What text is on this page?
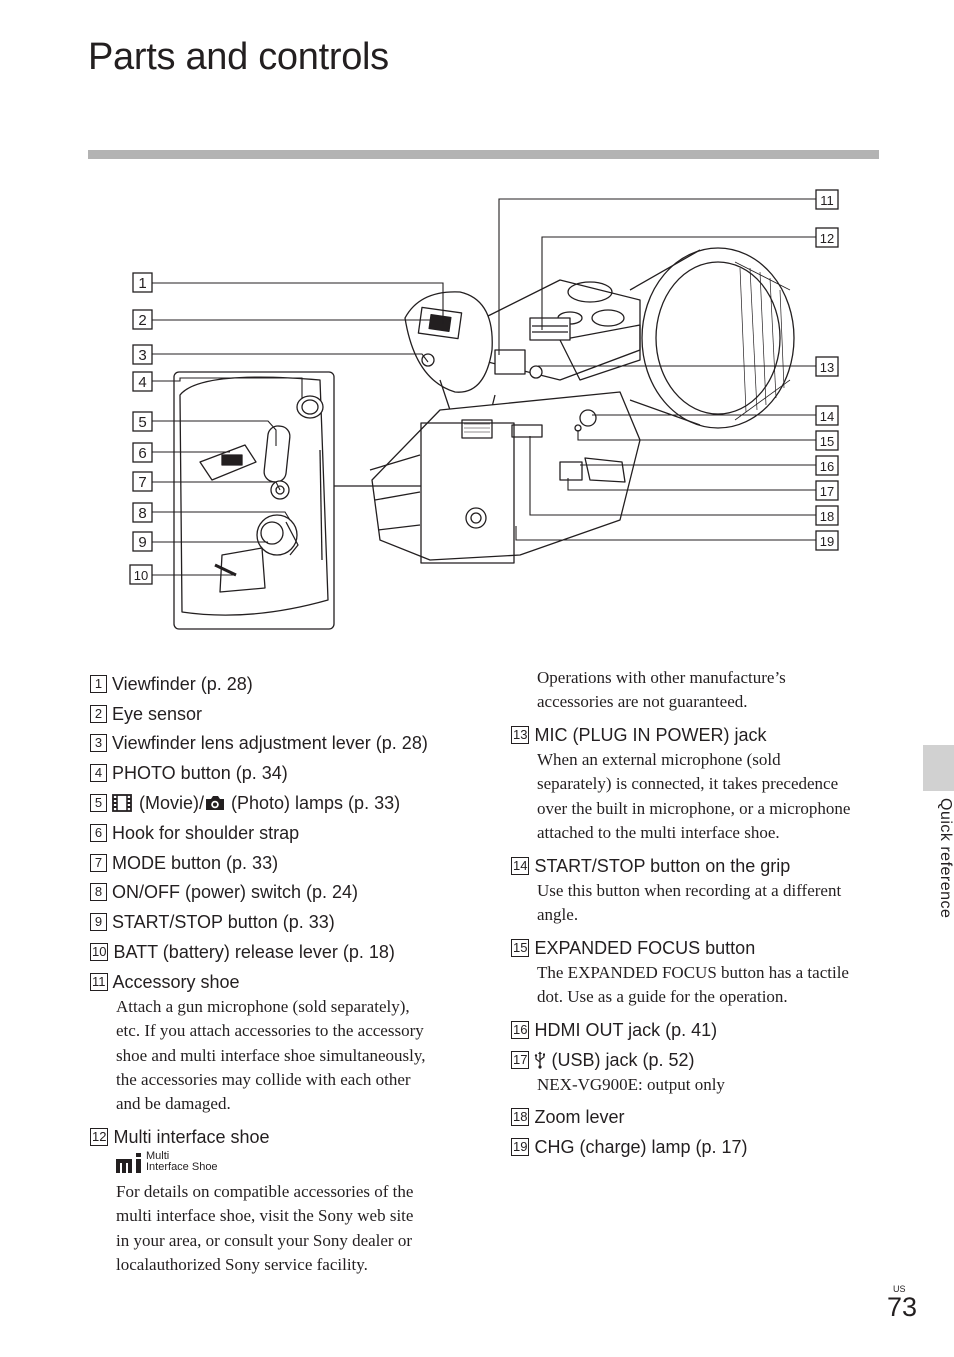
Parts and controls
1
2
3
4
5
6
7
8
9
10
11
12
13
14
15
16
17
18
19
1 Viewfinder (p. 28)
2 Eye sensor
3 Viewfinder lens adjustment lever (p. 28)
4 PHOTO button (p. 34)
5 (Movie)/ (Photo) lamps (p. 33)
6 Hook for shoulder strap
7 MODE button (p. 33)
8 ON/OFF (power) switch (p. 24)
9 START/STOP button (p. 33)
10 BATT (battery) release lever (p. 18)
11 Accessory shoe
Attach a gun microphone (sold separately),
etc. If you attach accessories to the accessory
shoe and multi interface shoe simultaneously,
the accessories may collide with each other
and be damaged.
12 Multi interface shoe
Multi
Interface Shoe
For details on compatible accessories of the
multi interface shoe, visit the Sony web site
in your area, or consult your Sony dealer or
localauthorized Sony service facility.
Operations with other manufacture’s
accessories are not guaranteed.
13 MIC (PLUG IN POWER) jack
When an external microphone (sold
separately) is connected, it takes precedence
over the built in microphone, or a microphone
attached to the multi interface shoe.
14 START/STOP button on the grip
Use this button when recording at a different
angle.
15 EXPANDED FOCUS button
The EXPANDED FOCUS button has a tactile
dot. Use as a guide for the operation.
16 HDMI OUT jack (p. 41)
17 (USB) jack (p. 52)
NEX-VG900E: output only
18 Zoom lever
19 CHG (charge) lamp (p. 17)
Quick reference
US
73
